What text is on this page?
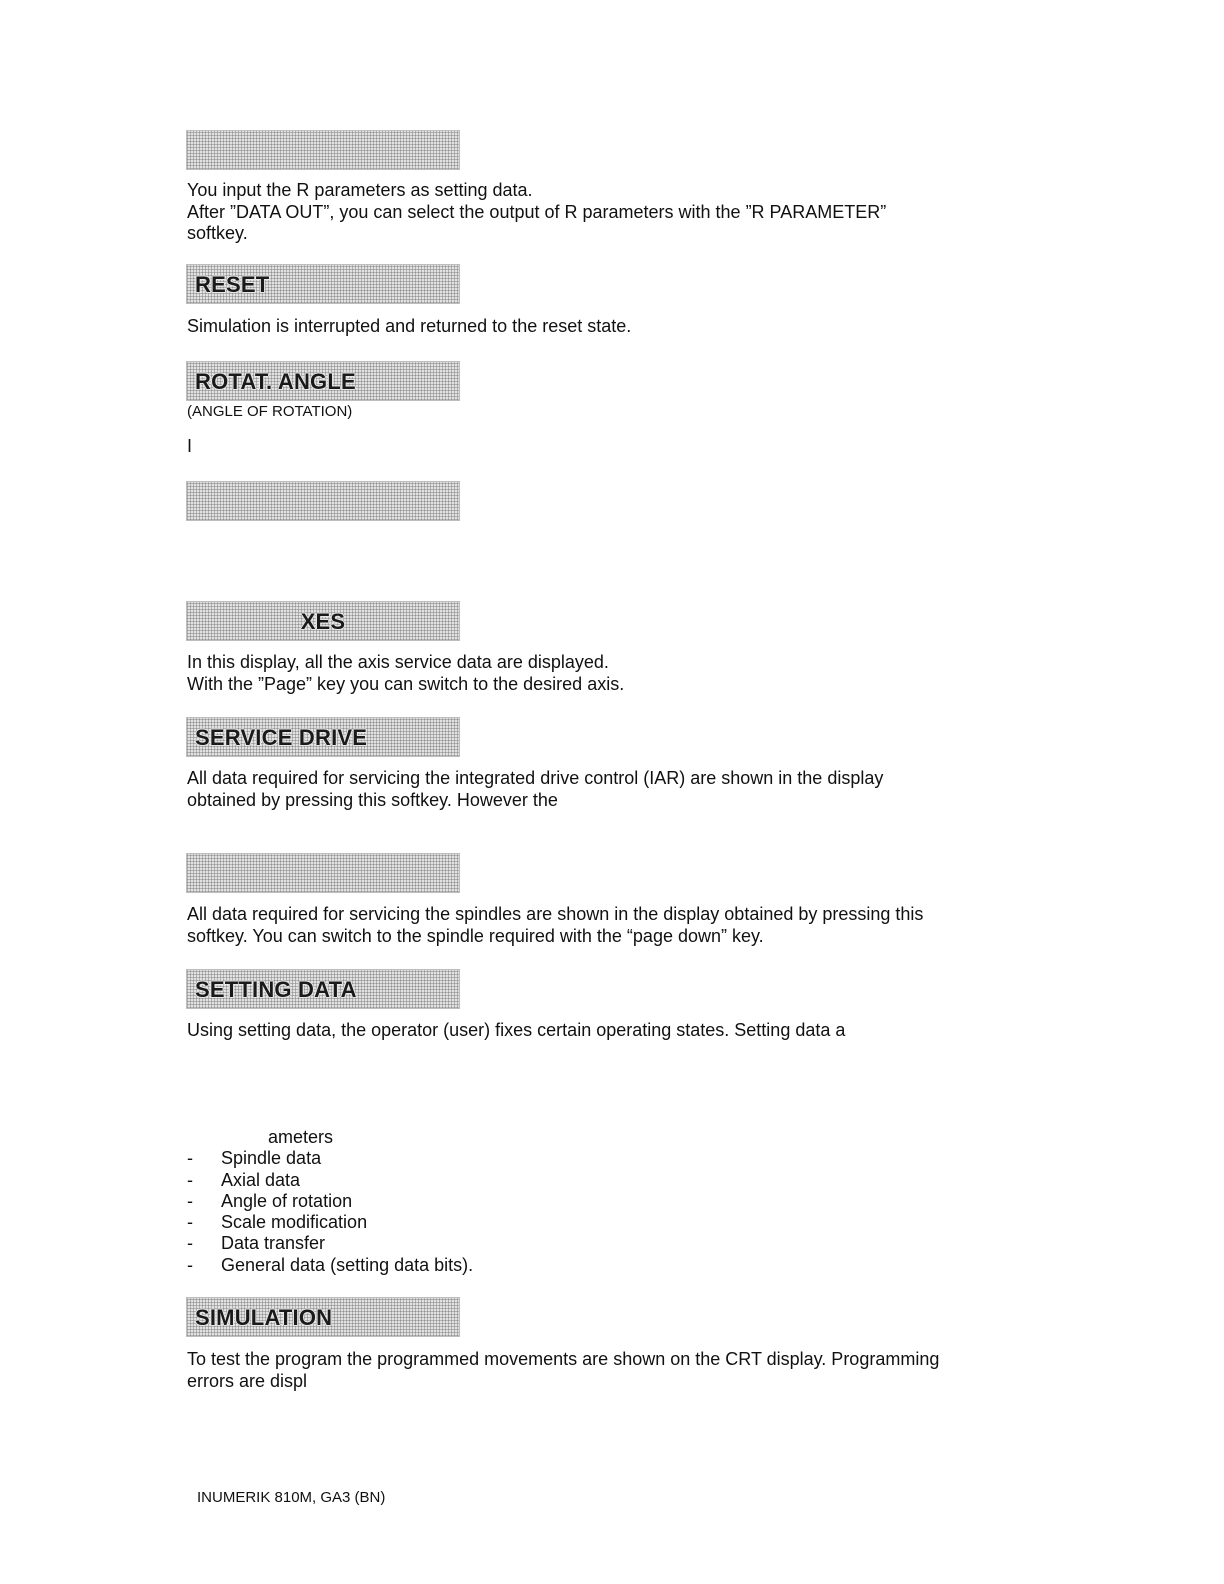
You input the R parameters as setting data.
After ”DATA OUT”, you can select the output of R parameters with the ”R PARAMETER”
softkey.
RESET
Simulation is interrupted and returned to the reset state.
ROTAT. ANGLE
(ANGLE OF ROTATION)
I
XES
In this display, all the axis service data are displayed.
With the ”Page” key you can switch to the desired axis.
SERVICE DRIVE
All data required for servicing the integrated drive control (IAR) are shown in the display
obtained by pressing this softkey. However the
All data required for servicing the spindles are shown in the display obtained by pressing this
softkey. You can switch to the spindle required with the “page down” key.
SETTING DATA
Using setting data, the operator (user) fixes certain operating states. Setting data a
ameters
- Spindle data
- Axial data
- Angle of rotation
- Scale modification
- Data transfer
- General data (setting data bits).
SIMULATION
To test the program the programmed movements are shown on the CRT display. Programming
errors are displ
INUMERIK 810M, GA3 (BN)
